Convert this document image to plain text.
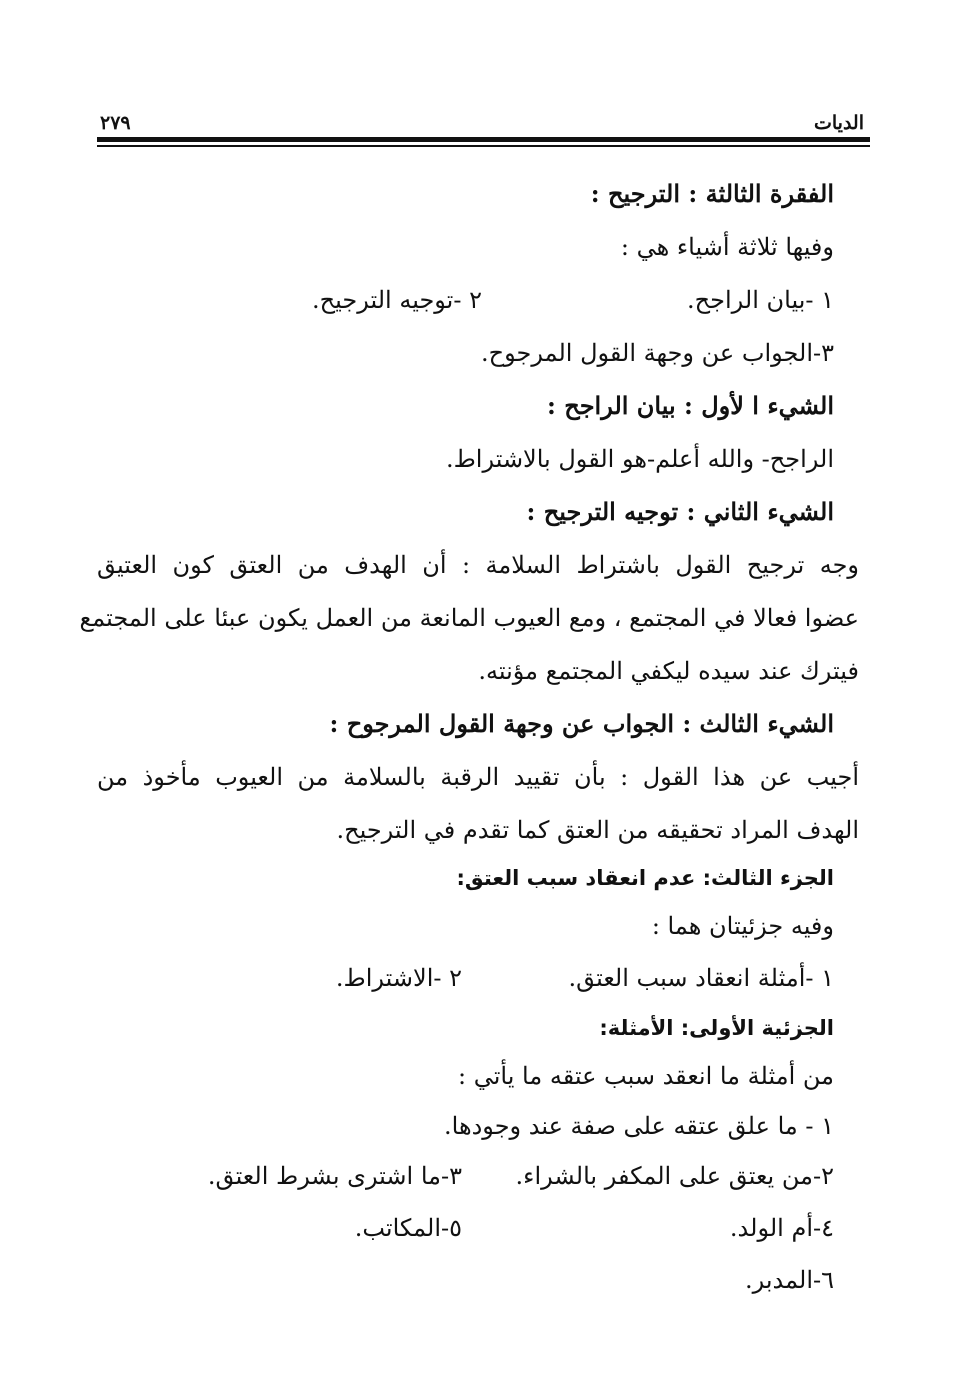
الديات
٢٧٩
الفقرة الثالثة : الترجيح :
وفيها ثلاثة أشياء هي :
١ -بيان الراجح.
٢ -توجيه الترجيح.
٣-الجواب عن وجهة القول المرجوح.
الشيء ا لأول : بيان الراجح :
الراجح- والله أعلم-هو القول بالاشتراط.
الشيء الثاني : توجيه الترجيح :
وجه ترجيح القول باشتراط السلامة : أن الهدف من العتق كون العتيق
عضوا فعالا في المجتمع ، ومع العيوب المانعة من العمل يكون عبئا على المجتمع
فيترك عند سيده ليكفي المجتمع مؤنته.
الشيء الثالث : الجواب عن وجهة القول المرجوح :
أجيب عن هذا القول : بأن تقييد الرقبة بالسلامة من العيوب مأخوذ من
الهدف المراد تحقيقه من العتق كما تقدم في الترجيح.
الجزء الثالث: عدم انعقاد سبب العتق:
وفيه جزئيتان هما :
١ -أمثلة انعقاد سبب العتق.
٢ -الاشتراط.
الجزئية الأولى: الأمثلة:
من أمثلة ما انعقد سبب عتقه ما يأتي :
١ - ما علق عتقه على صفة عند وجودها.
٢-من يعتق على المكفر بالشراء.
٣-ما اشترى بشرط العتق.
٤-أم الولد.
٥-المكاتب.
٦-المدبر.
